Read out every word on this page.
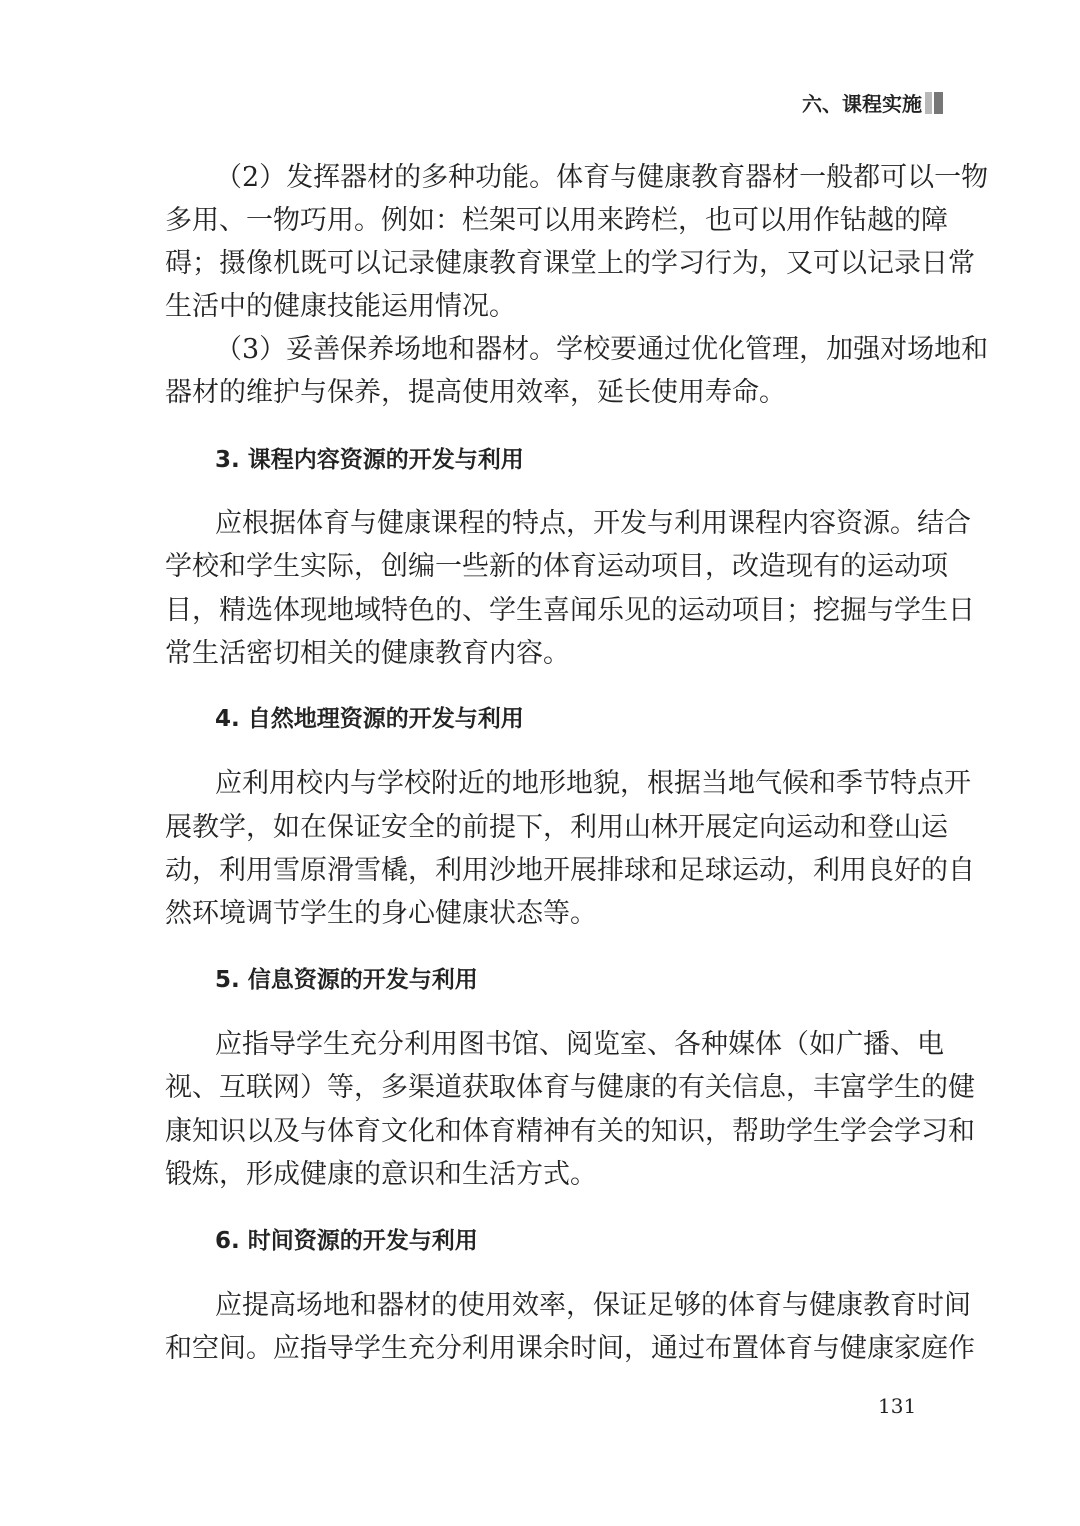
六、课程实施
（2）发挥器材的多种功能。体育与健康教育器材一般都可以一物
多用、一物巧用。例如：栏架可以用来跨栏，也可以用作钻越的障
碍；摄像机既可以记录健康教育课堂上的学习行为，又可以记录日常
生活中的健康技能运用情况。
（3）妥善保养场地和器材。学校要通过优化管理，加强对场地和
器材的维护与保养，提高使用效率，延长使用寿命。
3. 课程内容资源的开发与利用
应根据体育与健康课程的特点，开发与利用课程内容资源。结合
学校和学生实际，创编一些新的体育运动项目，改造现有的运动项
目，精选体现地域特色的、学生喜闻乐见的运动项目；挖掘与学生日
常生活密切相关的健康教育内容。
4. 自然地理资源的开发与利用
应利用校内与学校附近的地形地貌，根据当地气候和季节特点开
展教学，如在保证安全的前提下，利用山林开展定向运动和登山运
动，利用雪原滑雪橇，利用沙地开展排球和足球运动，利用良好的自
然环境调节学生的身心健康状态等。
5. 信息资源的开发与利用
应指导学生充分利用图书馆、阅览室、各种媒体（如广播、电
视、互联网）等，多渠道获取体育与健康的有关信息，丰富学生的健
康知识以及与体育文化和体育精神有关的知识，帮助学生学会学习和
锻炼，形成健康的意识和生活方式。
6. 时间资源的开发与利用
应提高场地和器材的使用效率，保证足够的体育与健康教育时间
和空间。应指导学生充分利用课余时间，通过布置体育与健康家庭作
131
